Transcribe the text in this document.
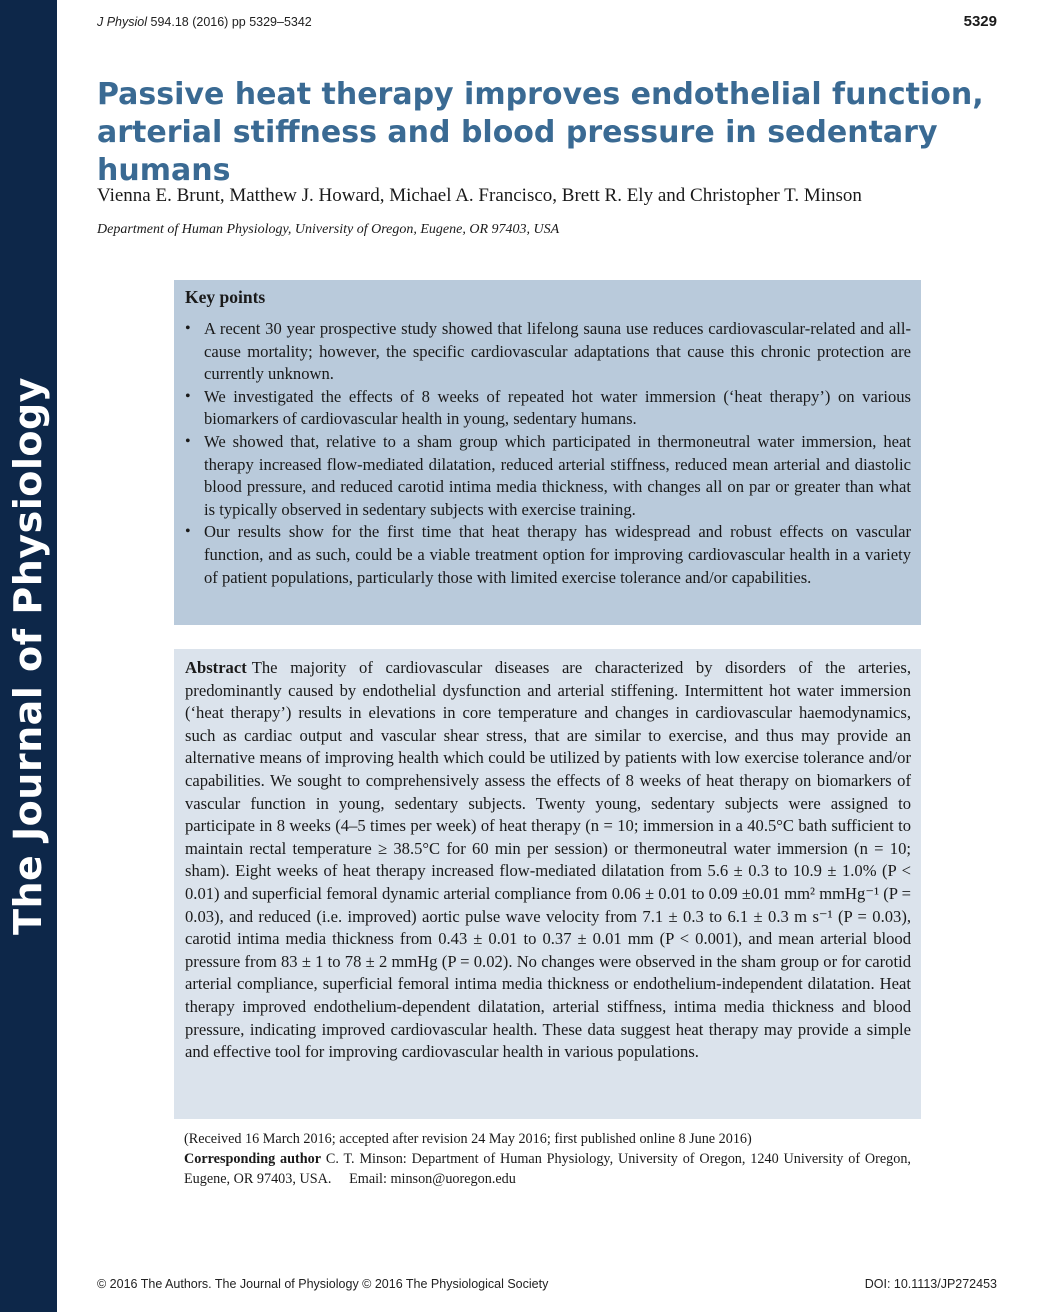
The Journal of Physiology
J Physiol 594.18 (2016) pp 5329–5342	5329
Passive heat therapy improves endothelial function, arterial stiffness and blood pressure in sedentary humans
Vienna E. Brunt, Matthew J. Howard, Michael A. Francisco, Brett R. Ely and Christopher T. Minson
Department of Human Physiology, University of Oregon, Eugene, OR 97403, USA
Key points
• A recent 30 year prospective study showed that lifelong sauna use reduces cardiovascular-related and all-cause mortality; however, the specific cardiovascular adaptations that cause this chronic protection are currently unknown.
• We investigated the effects of 8 weeks of repeated hot water immersion (‘heat therapy’) on various biomarkers of cardiovascular health in young, sedentary humans.
• We showed that, relative to a sham group which participated in thermoneutral water immersion, heat therapy increased flow-mediated dilatation, reduced arterial stiffness, reduced mean arterial and diastolic blood pressure, and reduced carotid intima media thickness, with changes all on par or greater than what is typically observed in sedentary subjects with exercise training.
• Our results show for the first time that heat therapy has widespread and robust effects on vascular function, and as such, could be a viable treatment option for improving cardiovascular health in a variety of patient populations, particularly those with limited exercise tolerance and/or capabilities.
Abstract The majority of cardiovascular diseases are characterized by disorders of the arteries, predominantly caused by endothelial dysfunction and arterial stiffening. Intermittent hot water immersion (‘heat therapy’) results in elevations in core temperature and changes in cardiovascular haemodynamics, such as cardiac output and vascular shear stress, that are similar to exercise, and thus may provide an alternative means of improving health which could be utilized by patients with low exercise tolerance and/or capabilities. We sought to comprehensively assess the effects of 8 weeks of heat therapy on biomarkers of vascular function in young, sedentary subjects. Twenty young, sedentary subjects were assigned to participate in 8 weeks (4–5 times per week) of heat therapy (n = 10; immersion in a 40.5°C bath sufficient to maintain rectal temperature ≥ 38.5°C for 60 min per session) or thermoneutral water immersion (n = 10; sham). Eight weeks of heat therapy increased flow-mediated dilatation from 5.6 ± 0.3 to 10.9 ± 1.0% (P < 0.01) and superficial femoral dynamic arterial compliance from 0.06 ± 0.01 to 0.09 ±0.01 mm² mmHg⁻¹ (P = 0.03), and reduced (i.e. improved) aortic pulse wave velocity from 7.1 ± 0.3 to 6.1 ± 0.3 m s⁻¹ (P = 0.03), carotid intima media thickness from 0.43 ± 0.01 to 0.37 ± 0.01 mm (P < 0.001), and mean arterial blood pressure from 83 ± 1 to 78 ± 2 mmHg (P = 0.02). No changes were observed in the sham group or for carotid arterial compliance, superficial femoral intima media thickness or endothelium-independent dilatation. Heat therapy improved endothelium-dependent dilatation, arterial stiffness, intima media thickness and blood pressure, indicating improved cardiovascular health. These data suggest heat therapy may provide a simple and effective tool for improving cardiovascular health in various populations.

(Received 16 March 2016; accepted after revision 24 May 2016; first published online 8 June 2016)

Corresponding author C. T. Minson: Department of Human Physiology, University of Oregon, 1240 University of Oregon, Eugene, OR 97403, USA.     Email: minson@uoregon.edu

© 2016 The Authors. The Journal of Physiology © 2016 The Physiological Society	DOI: 10.1113/JP272453
